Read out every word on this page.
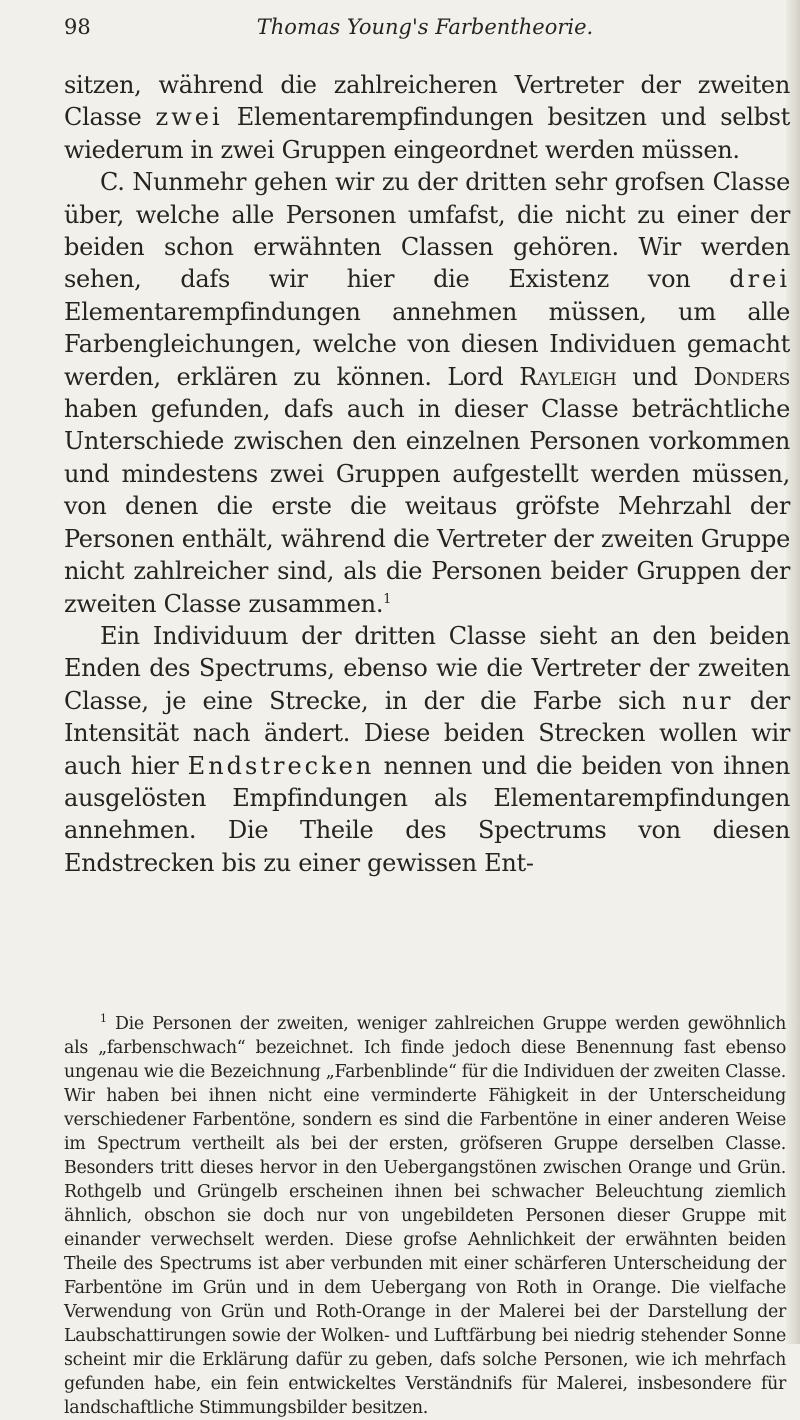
98	Thomas Young's Farbentheorie.

sitzen, während die zahlreicheren Vertreter der zweiten Classe zwei Elementarempfindungen besitzen und selbst wiederum in zwei Gruppen eingeordnet werden müssen.

C. Nunmehr gehen wir zu der dritten sehr grofsen Classe über, welche alle Personen umfafst, die nicht zu einer der beiden schon erwähnten Classen gehören. Wir werden sehen, dafs wir hier die Existenz von drei Elementarempfindungen annehmen müssen, um alle Farbengleichungen, welche von diesen Individuen gemacht werden, erklären zu können. Lord Rayleigh und Donders haben gefunden, dafs auch in dieser Classe beträchtliche Unterschiede zwischen den einzelnen Personen vorkommen und mindestens zwei Gruppen aufgestellt werden müssen, von denen die erste die weitaus gröfste Mehrzahl der Personen enthält, während die Vertreter der zweiten Gruppe nicht zahlreicher sind, als die Personen beider Gruppen der zweiten Classe zusammen.$^1$

Ein Individuum der dritten Classe sieht an den beiden Enden des Spectrums, ebenso wie die Vertreter der zweiten Classe, je eine Strecke, in der die Farbe sich nur der Intensität nach ändert. Diese beiden Strecken wollen wir auch hier Endstrecken nennen und die beiden von ihnen ausgelösten Empfindungen als Elementarempfindungen annehmen. Die Theile des Spectrums von diesen Endstrecken bis zu einer gewissen Ent-

$^1$ Die Personen der zweiten, weniger zahlreichen Gruppe werden gewöhnlich als „farbenschwach“ bezeichnet. Ich finde jedoch diese Benennung fast ebenso ungenau wie die Bezeichnung „Farbenblinde“ für die Individuen der zweiten Classe. Wir haben bei ihnen nicht eine verminderte Fähigkeit in der Unterscheidung verschiedener Farbentöne, sondern es sind die Farbentöne in einer anderen Weise im Spectrum vertheilt als bei der ersten, gröfseren Gruppe derselben Classe. Besonders tritt dieses hervor in den Uebergangstönen zwischen Orange und Grün. Rothgelb und Grüngelb erscheinen ihnen bei schwacher Beleuchtung ziemlich ähnlich, obschon sie doch nur von ungebildeten Personen dieser Gruppe mit einander verwechselt werden. Diese grofse Aehnlichkeit der erwähnten beiden Theile des Spectrums ist aber verbunden mit einer schärferen Unterscheidung der Farbentöne im Grün und in dem Uebergang von Roth in Orange. Die vielfache Verwendung von Grün und Roth-Orange in der Malerei bei der Darstellung der Laubschattirungen sowie der Wolken- und Luftfärbung bei niedrig stehender Sonne scheint mir die Erklärung dafür zu geben, dafs solche Personen, wie ich mehrfach gefunden habe, ein fein entwickeltes Verständnifs für Malerei, insbesondere für landschaftliche Stimmungsbilder besitzen.
